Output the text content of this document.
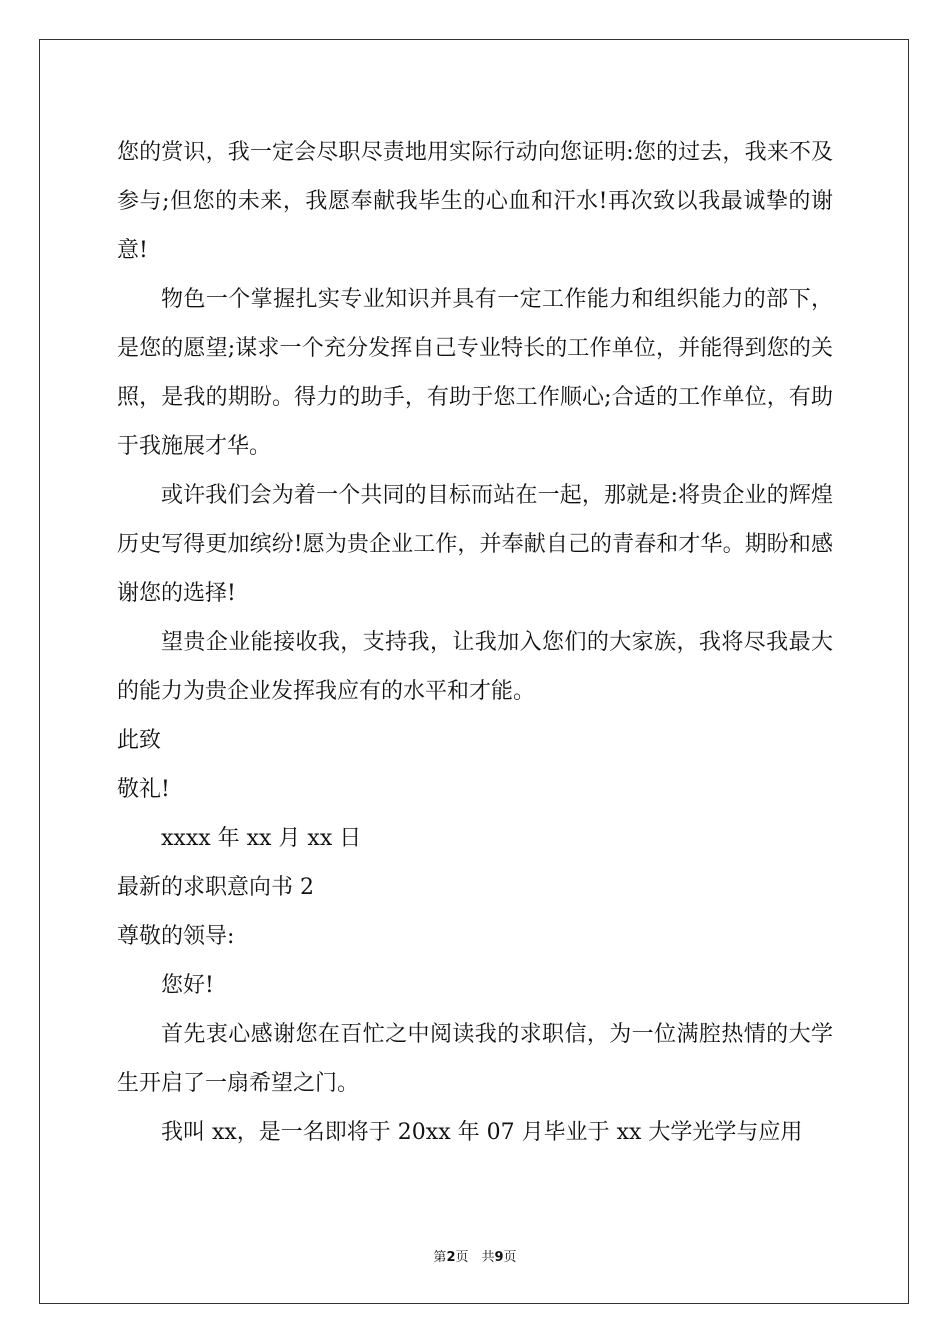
您的赏识，我一定会尽职尽责地用实际行动向您证明:您的过去，我来不及参与;但您的未来，我愿奉献我毕生的心血和汗水!再次致以我最诚挚的谢意!

物色一个掌握扎实专业知识并具有一定工作能力和组织能力的部下，是您的愿望;谋求一个充分发挥自己专业特长的工作单位，并能得到您的关照，是我的期盼。得力的助手，有助于您工作顺心;合适的工作单位，有助于我施展才华。

或许我们会为着一个共同的目标而站在一起，那就是:将贵企业的辉煌历史写得更加缤纷!愿为贵企业工作，并奉献自己的青春和才华。期盼和感谢您的选择!

望贵企业能接收我，支持我，让我加入您们的大家族，我将尽我最大的能力为贵企业发挥我应有的水平和才能。

此致

敬礼!

xxxx 年 xx 月 xx 日

最新的求职意向书 2

尊敬的领导:

您好!

首先衷心感谢您在百忙之中阅读我的求职信，为一位满腔热情的大学生开启了一扇希望之门。

我叫 xx，是一名即将于 20xx 年 07 月毕业于 xx 大学光学与应用

第2页　共9页
